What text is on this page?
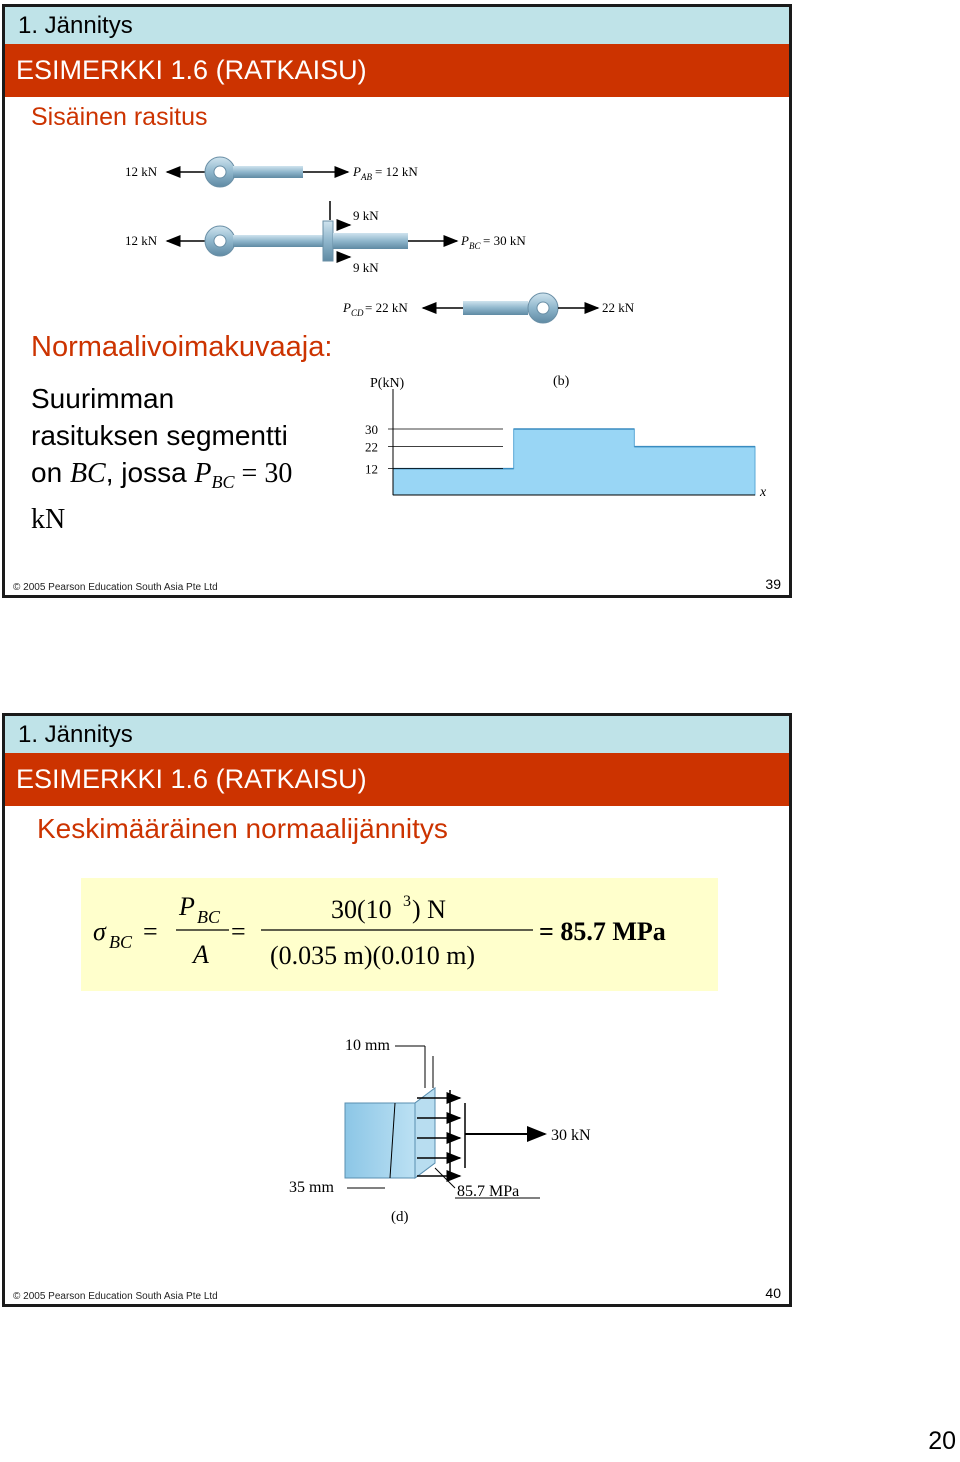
1. Jännitys
ESIMERKKI 1.6 (RATKAISU)
Sisäinen rasitus
12 kN	P AB = 12 kN
9 kN
9 kN
12 kN	P BC = 30 kN
P CD = 22 kN	22 kN
Normaalivoimakuvaaja:
Suurimman
rasituksen segmentti
on BC, jossa $P_{BC} = 30$
kN
P(kN)	(b)
x
30
22
12
© 2005 Pearson Education South Asia Pte Ltd	39
1. Jännitys
ESIMERKKI 1.6 (RATKAISU)
Keskimääräinen normaalijännitys
σ BC =
P BC
A
=
30(10 3 ) N
(0.035 m)(0.010 m)
= 85.7 MPa
10 mm
30 kN
35 mm	85.7 MPa
(d)
© 2005 Pearson Education South Asia Pte Ltd	40
20
